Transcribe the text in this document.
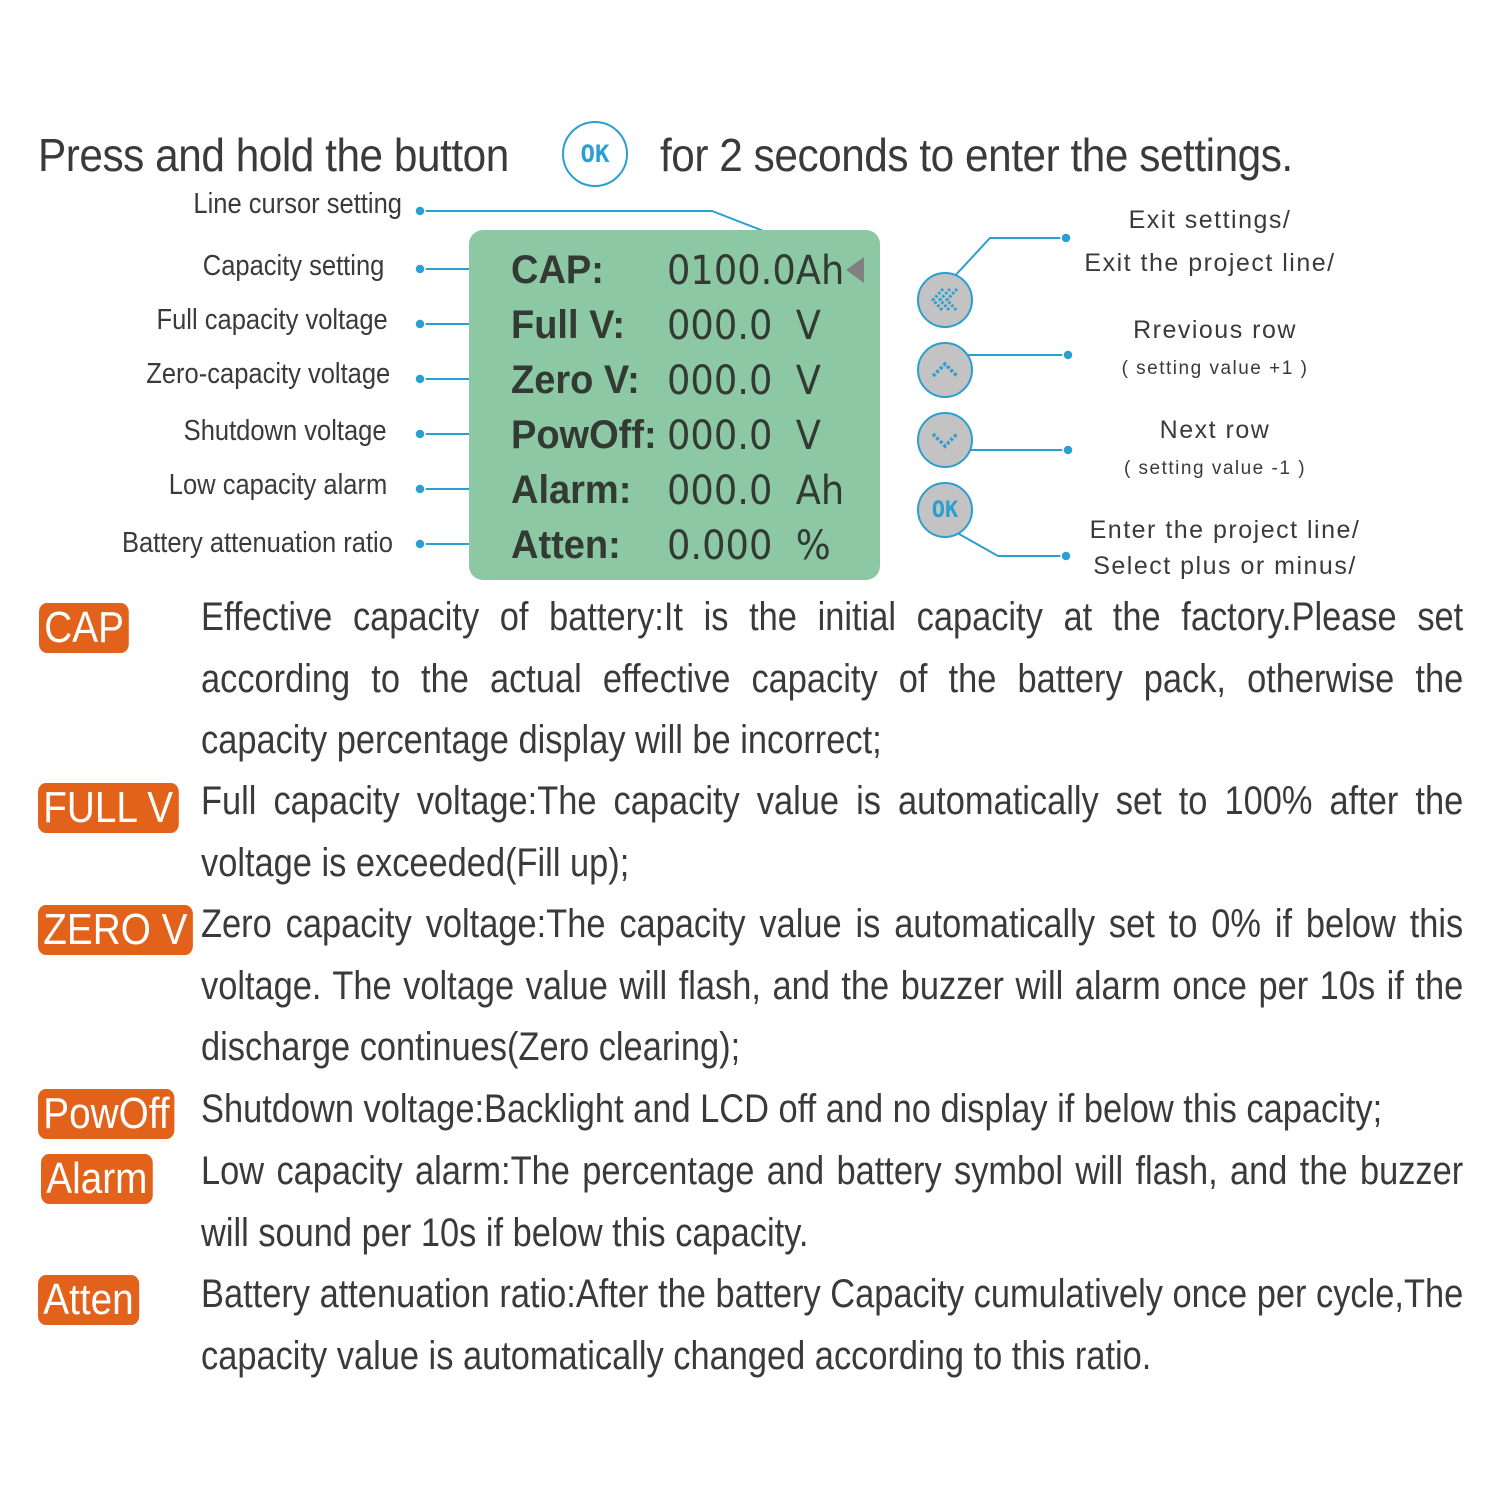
Press and hold the button	OK for 2 seconds to enter the settings.
Line cursor setting
Capacity setting
Full capacity voltage
Zero-capacity voltage
Shutdown voltage
Low capacity alarm
Battery attenuation ratio
CAP: 0100.0Ah
Full V: 000.0  V
Zero V: 000.0  V
PowOff: 000.0  V
Alarm: 000.0  Ah
Atten: 0.000  %
OK
Exit settings/
Exit the project line/
Rrevious row
( setting value +1 )
Next row
( setting value -1 )
Enter the project line/
Select plus or minus/
CAP
FULL V
ZERO V
PowOff
Alarm
Atten
Effective capacity of battery:It is the initial capacity at the factory.Please set according to the actual effective capacity of the battery pack, otherwise the capacity percentage display will be incorrect;
Full capacity voltage:The capacity value is automatically set to 100% after the voltage is exceeded(Fill up);
Zero capacity voltage:The capacity value is automatically set to 0% if below this voltage. The voltage value will flash, and the buzzer will alarm once per 10s if the discharge continues(Zero clearing);
Shutdown voltage:Backlight and LCD off and no display if below this capacity;
Low capacity alarm:The percentage and battery symbol will flash, and the buzzer will sound per 10s if below this capacity.
Battery attenuation ratio:After the battery Capacity cumulatively once per cycle,The capacity value is automatically changed according to this ratio.
